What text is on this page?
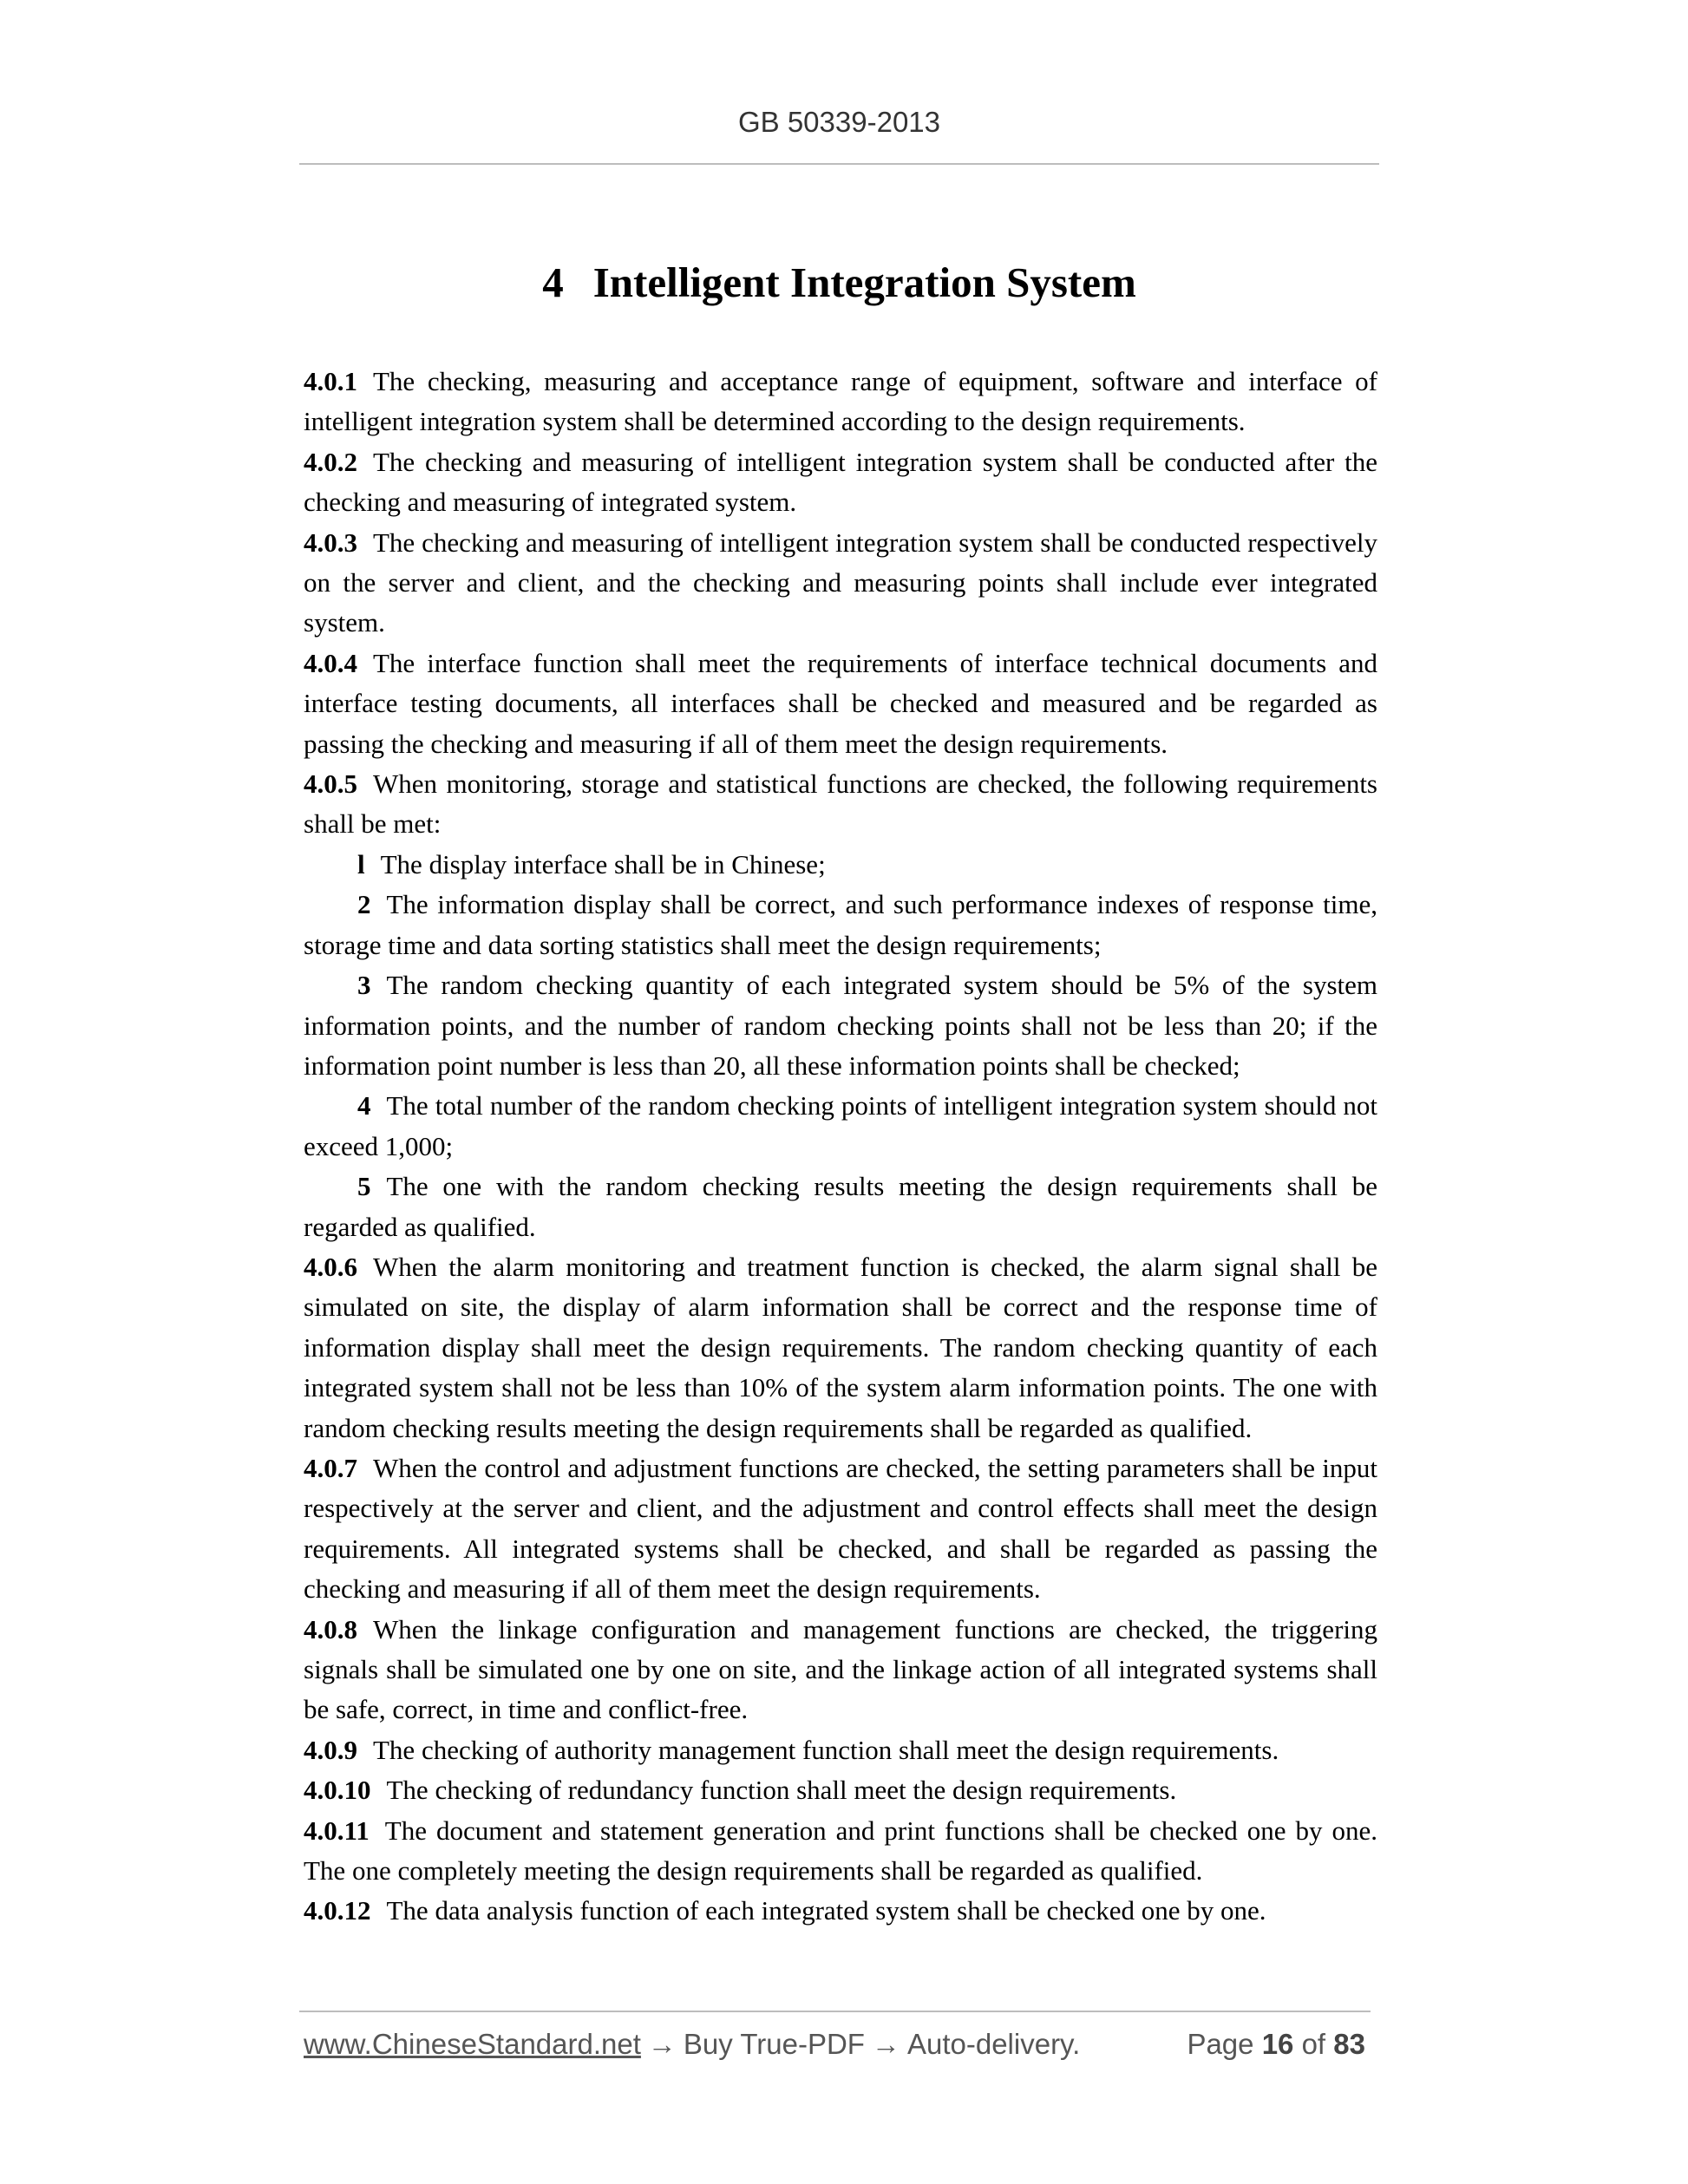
GB 50339-2013
4 Intelligent Integration System

4.0.1 The checking, measuring and acceptance range of equipment, software and interface of intelligent integration system shall be determined according to the design requirements.

4.0.2 The checking and measuring of intelligent integration system shall be conducted after the checking and measuring of integrated system.

4.0.3 The checking and measuring of intelligent integration system shall be conducted respectively on the server and client, and the checking and measuring points shall include ever integrated system.

4.0.4 The interface function shall meet the requirements of interface technical documents and interface testing documents, all interfaces shall be checked and measured and be regarded as passing the checking and measuring if all of them meet the design requirements.

4.0.5 When monitoring, storage and statistical functions are checked, the following requirements shall be met:

l The display interface shall be in Chinese;

2 The information display shall be correct, and such performance indexes of response time, storage time and data sorting statistics shall meet the design requirements;

3 The random checking quantity of each integrated system should be 5% of the system information points, and the number of random checking points shall not be less than 20; if the information point number is less than 20, all these information points shall be checked;

4 The total number of the random checking points of intelligent integration system should not exceed 1,000;

5 The one with the random checking results meeting the design requirements shall be regarded as qualified.

4.0.6 When the alarm monitoring and treatment function is checked, the alarm signal shall be simulated on site, the display of alarm information shall be correct and the response time of information display shall meet the design requirements. The random checking quantity of each integrated system shall not be less than 10% of the system alarm information points. The one with random checking results meeting the design requirements shall be regarded as qualified.

4.0.7 When the control and adjustment functions are checked, the setting parameters shall be input respectively at the server and client, and the adjustment and control effects shall meet the design requirements. All integrated systems shall be checked, and shall be regarded as passing the checking and measuring if all of them meet the design requirements.

4.0.8 When the linkage configuration and management functions are checked, the triggering signals shall be simulated one by one on site, and the linkage action of all integrated systems shall be safe, correct, in time and conflict-free.

4.0.9 The checking of authority management function shall meet the design requirements.

4.0.10 The checking of redundancy function shall meet the design requirements.

4.0.11 The document and statement generation and print functions shall be checked one by one. The one completely meeting the design requirements shall be regarded as qualified.

4.0.12 The data analysis function of each integrated system shall be checked one by one.

www.ChineseStandard.net → Buy True-PDF → Auto-delivery.	Page 16 of 83
